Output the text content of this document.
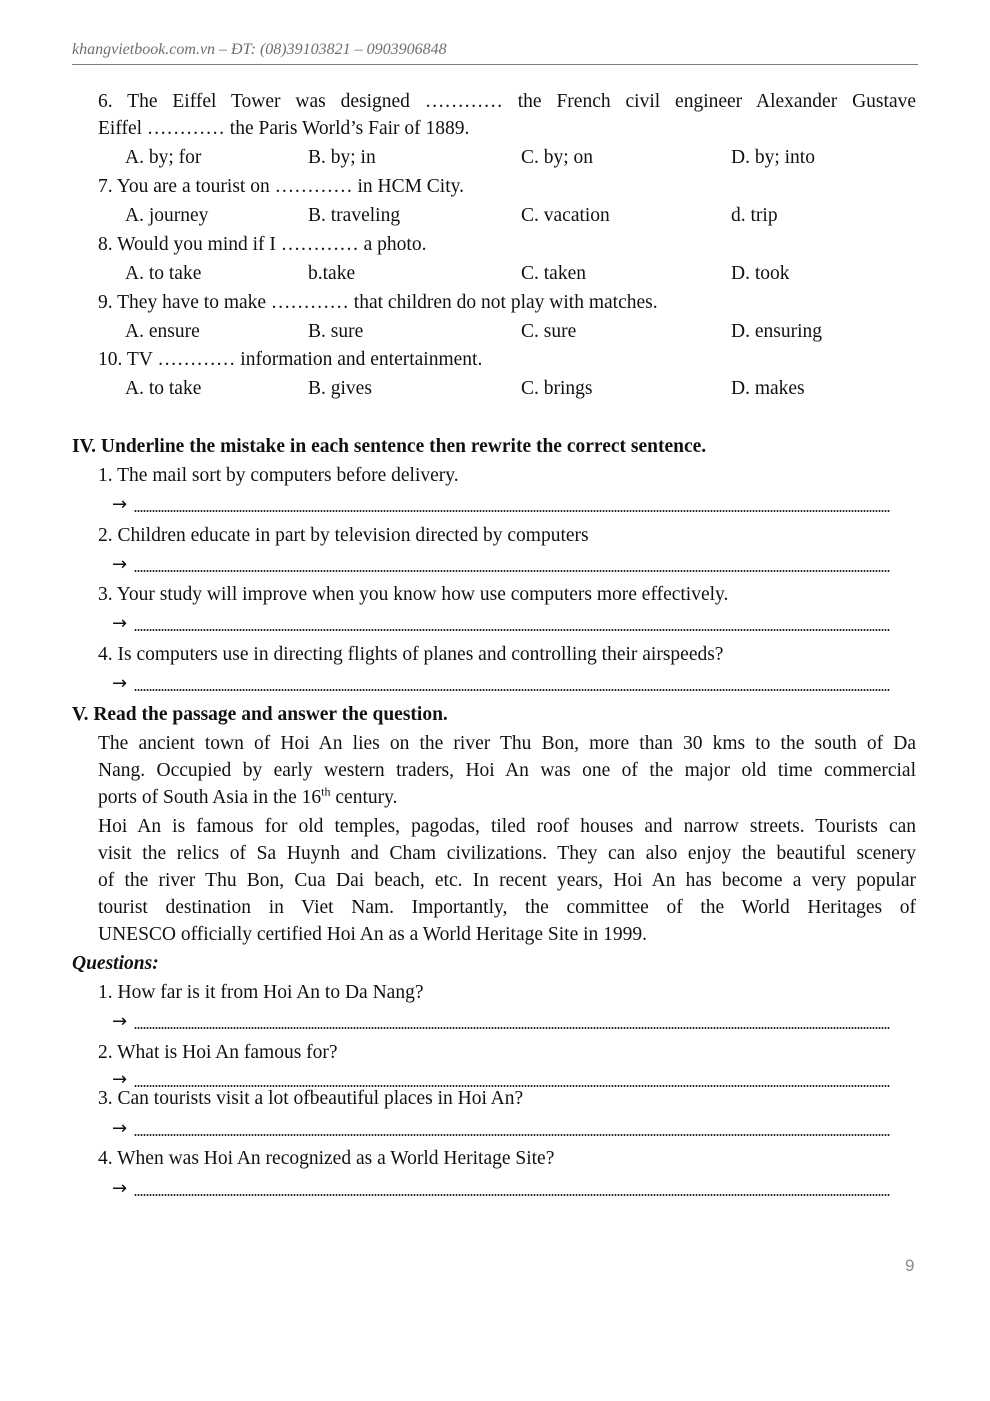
khangvietbook.com.vn – ĐT: (08)39103821 – 0903906848
6. The Eiffel Tower was designed ………… the French civil engineer Alexander Gustave
Eiffel ………… the Paris World’s Fair of 1889.
A. by; for	B. by; in	C. by; on	D. by; into
7. You are a tourist on ………… in HCM City.
A. journey	B. traveling	C. vacation	d. trip
8. Would you mind if I ………… a photo.
A. to take	b.take	C. taken	D. took
9. They have to make ………… that children do not play with matches.
A. ensure	B. sure	C. sure	D. ensuring
10. TV ………… information and entertainment.
A. to take	B. gives	C. brings	D. makes
IV. Underline the mistake in each sentence then rewrite the correct sentence.
1. The mail sort by computers before delivery.
→
2. Children educate in part by television directed by computers
→
3. Your study will improve when you know how use computers more effectively.
→
4. Is computers use in directing flights of planes and controlling their airspeeds?
→
V. Read the passage and answer the question.
The ancient town of Hoi An lies on the river Thu Bon, more than 30 kms to the south of Da
Nang. Occupied by early western traders, Hoi An was one of the major old time commercial
ports of South Asia in the 16th century.
Hoi An is famous for old temples, pagodas, tiled roof houses and narrow streets. Tourists can
visit the relics of Sa Huynh and Cham civilizations. They can also enjoy the beautiful scenery
of the river Thu Bon, Cua Dai beach, etc. In recent years, Hoi An has become a very popular
tourist destination in Viet Nam. Importantly, the committee of the World Heritages of
UNESCO officially certified Hoi An as a World Heritage Site in 1999.
Questions:
1. How far is it from Hoi An to Da Nang?
→
2. What is Hoi An famous for?
→
3. Can tourists visit a lot ofbeautiful places in Hoi An?
→
4. When was Hoi An recognized as a World Heritage Site?
→
9
